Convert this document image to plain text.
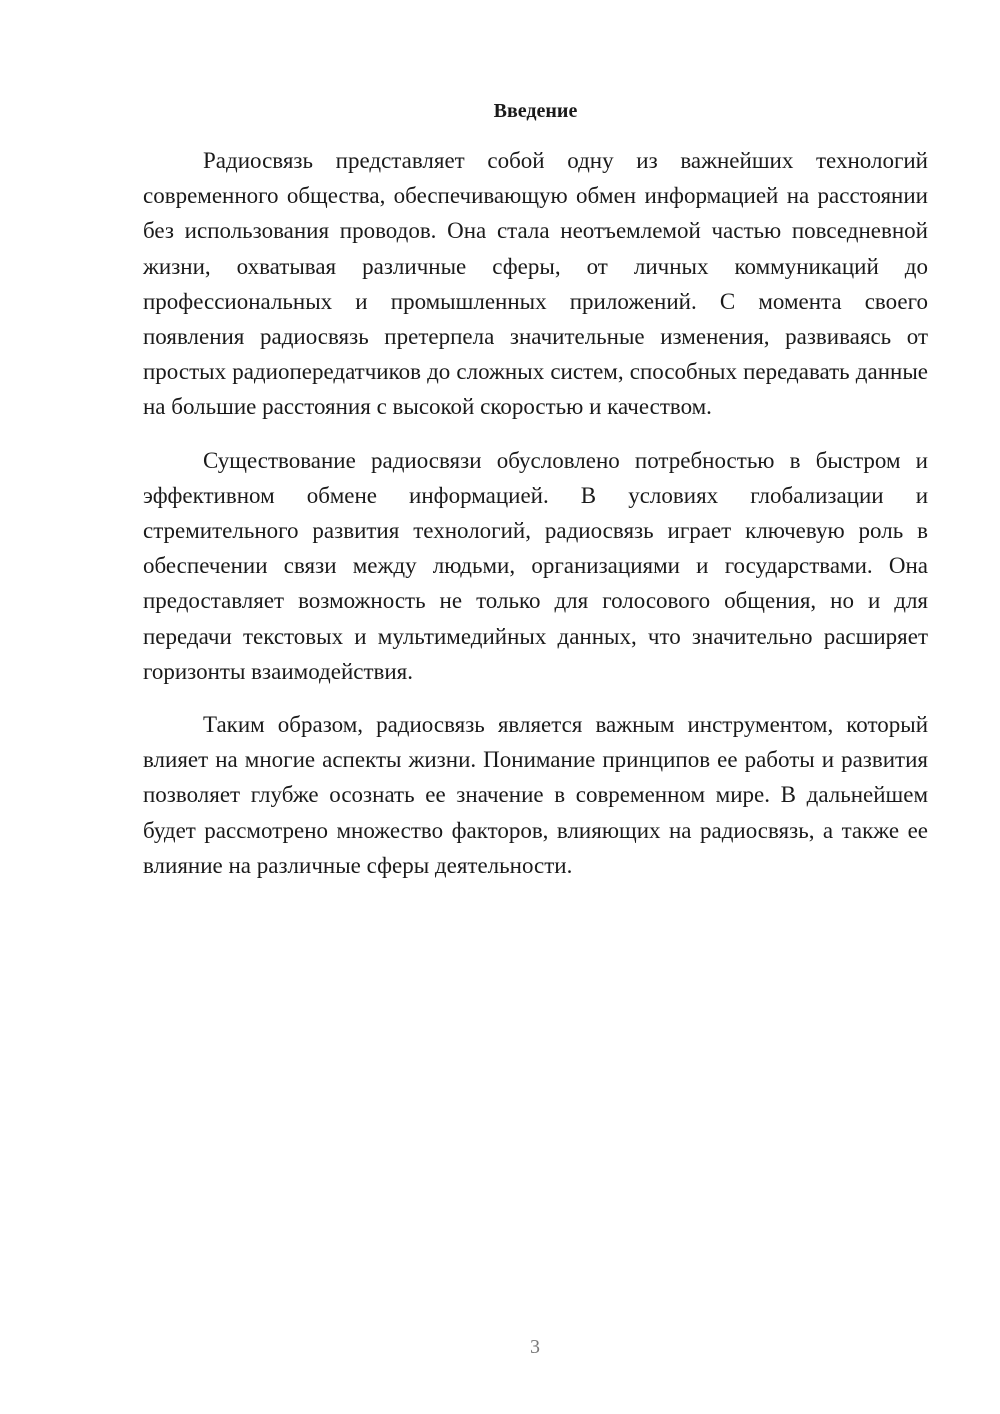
Введение

Радиосвязь представляет собой одну из важнейших технологий современного общества, обеспечивающую обмен информацией на расстоянии без использования проводов. Она стала неотъемлемой частью повседневной жизни, охватывая различные сферы, от личных коммуникаций до профессиональных и промышленных приложений. С момента своего появления радиосвязь претерпела значительные изменения, развиваясь от простых радиопередатчиков до сложных систем, способных передавать данные на большие расстояния с высокой скоростью и качеством.

Существование радиосвязи обусловлено потребностью в быстром и эффективном обмене информацией. В условиях глобализации и стремительного развития технологий, радиосвязь играет ключевую роль в обеспечении связи между людьми, организациями и государствами. Она предоставляет возможность не только для голосового общения, но и для передачи текстовых и мультимедийных данных, что значительно расширяет горизонты взаимодействия.

Таким образом, радиосвязь является важным инструментом, который влияет на многие аспекты жизни. Понимание принципов ее работы и развития позволяет глубже осознать ее значение в современном мире. В дальнейшем будет рассмотрено множество факторов, влияющих на радиосвязь, а также ее влияние на различные сферы деятельности.

3
